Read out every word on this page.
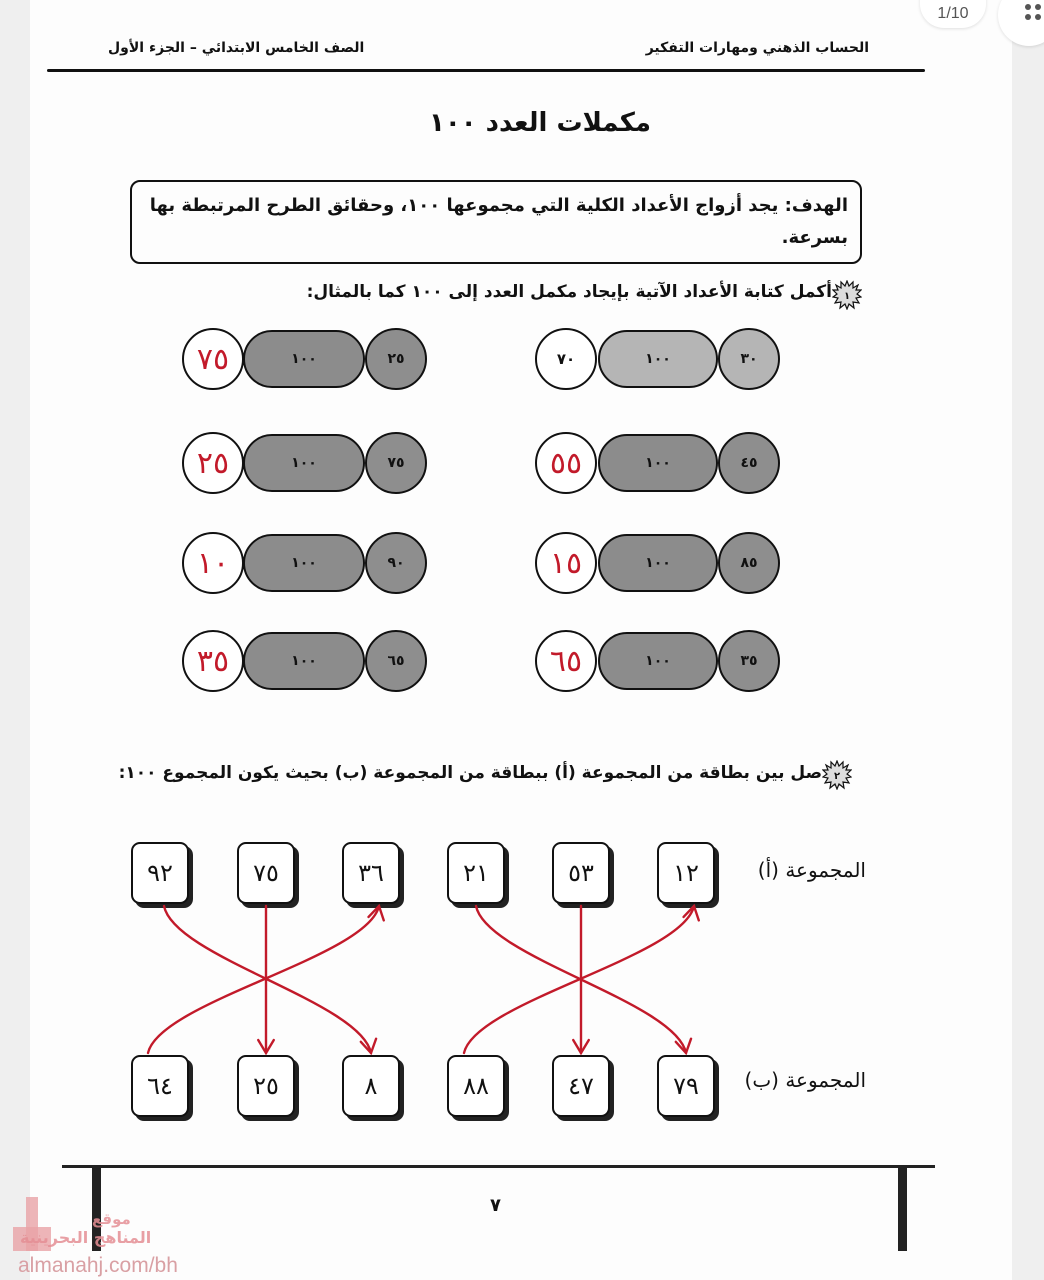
1/10
الحساب الذهني ومهارات التفكير
الصف الخامس الابتدائي – الجزء الأول
مكملات العدد ١٠٠
الهدف: يجد أزواج الأعداد الكلية التي مجموعها ١٠٠، وحقائق الطرح المرتبطة بها بسرعة.
١
أكمل كتابة الأعداد الآتية بإيجاد مكمل العدد إلى ١٠٠ كما بالمثال:
٧٠	١٠٠	٣٠
٧٥	١٠٠	٢٥
٥٥	١٠٠	٤٥
٢٥	١٠٠	٧٥
١٥	١٠٠	٨٥
١٠	١٠٠	٩٠
٦٥	١٠٠	٣٥
٣٥	١٠٠	٦٥
٢
صل بين بطاقة من المجموعة (أ) ببطاقة من المجموعة (ب) بحيث يكون المجموع ١٠٠:
المجموعة (أ)
المجموعة (ب)
١٢
٥٣
٢١
٣٦
٧٥
٩٢
٧٩
٤٧
٨٨
٨
٢٥
٦٤
٧
موقع
المناهج البحرينية
almanahj.com/bh
